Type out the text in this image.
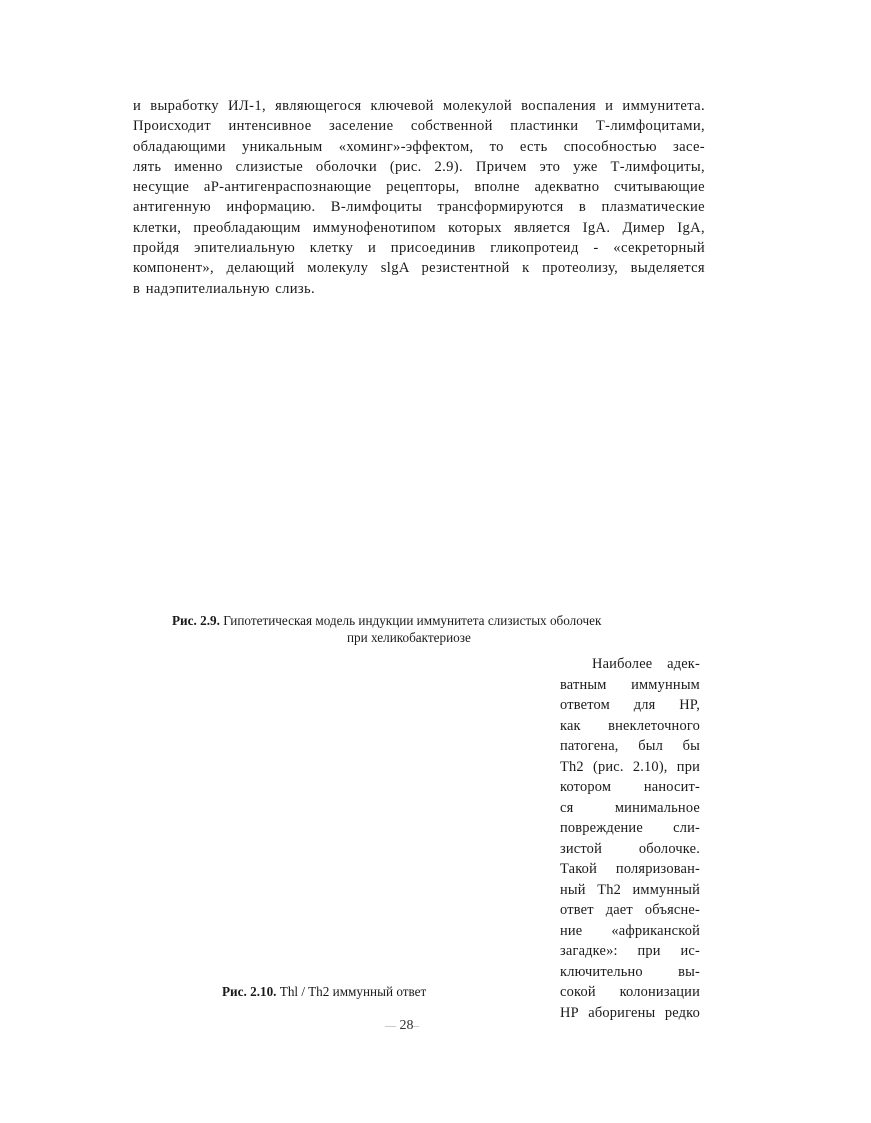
и выработку ИЛ-1, являющегося ключевой молекулой воспаления и иммунитета.
Происходит интенсивное заселение собственной пластинки Т-лимфоцитами,
обладающими уникальным «хоминг»-эффектом, то есть способностью засе-
лять именно слизистые оболочки (рис. 2.9). Причем это уже Т-лимфоциты,
несущие аР-антигенраспознающие рецепторы, вполне адекватно считывающие
антигенную информацию. В-лимфоциты трансформируются в плазматические
клетки, преобладающим иммунофенотипом которых является IgA. Димер IgA,
пройдя эпителиальную клетку и присоединив гликопротеид - «секреторный
компонент», делающий молекулу slgA резистентной к протеолизу, выделяется
в надэпителиальную слизь.
Рис. 2.9. Гипотетическая модель индукции иммунитета слизистых оболочек
при хеликобактериозе
Наиболее адек-
ватным иммунным
ответом для НР,
как внеклеточного
патогена, был бы
Th2 (рис. 2.10), при
котором наносит-
ся минимальное
повреждение сли-
зистой оболочке.
Такой поляризован-
ный Th2 иммунный
ответ дает объясне-
ние «африканской
загадке»: при ис-
ключительно вы-
сокой колонизации
НР аборигены редко
Рис. 2.10. Thl / Th2 иммунный ответ
— 28–
